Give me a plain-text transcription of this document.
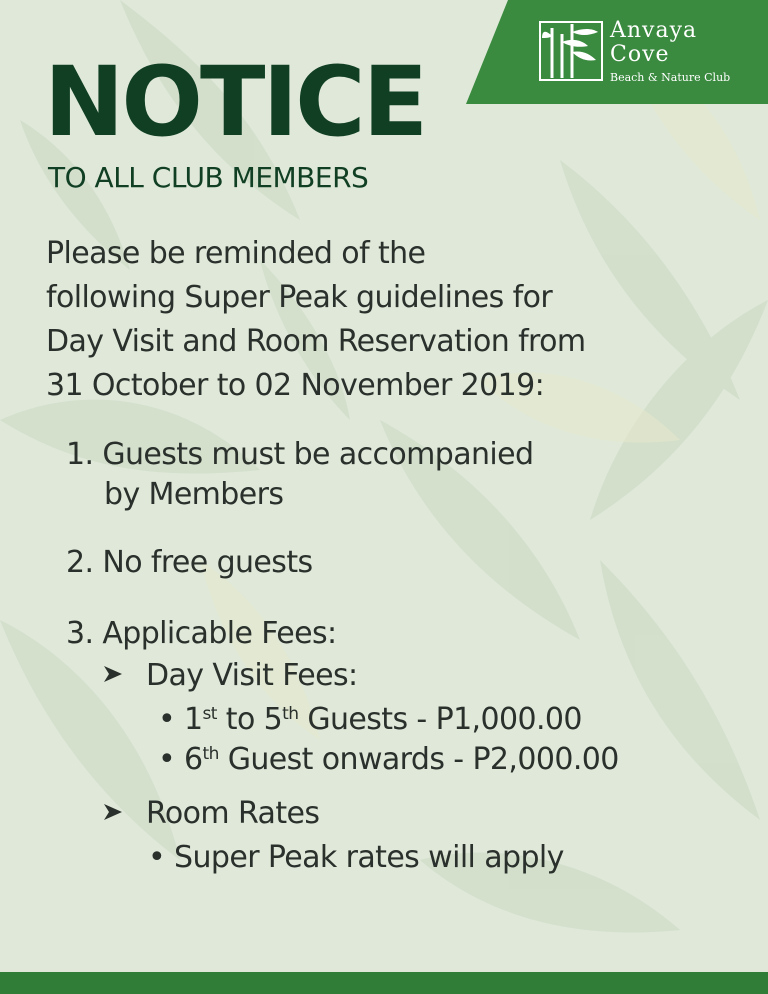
Anvaya
Cove
Beach & Nature Club
NOTICE
TO ALL CLUB MEMBERS
Please be reminded of the
following Super Peak guidelines for
Day Visit and Room Reservation from
31 October to 02 November 2019:
1. Guests must be accompanied
by Members
2. No free guests
3. Applicable Fees:
Day Visit Fees:
• 1st to 5th Guests - P1,000.00
• 6th Guest onwards - P2,000.00
Room Rates
• Super Peak rates will apply
